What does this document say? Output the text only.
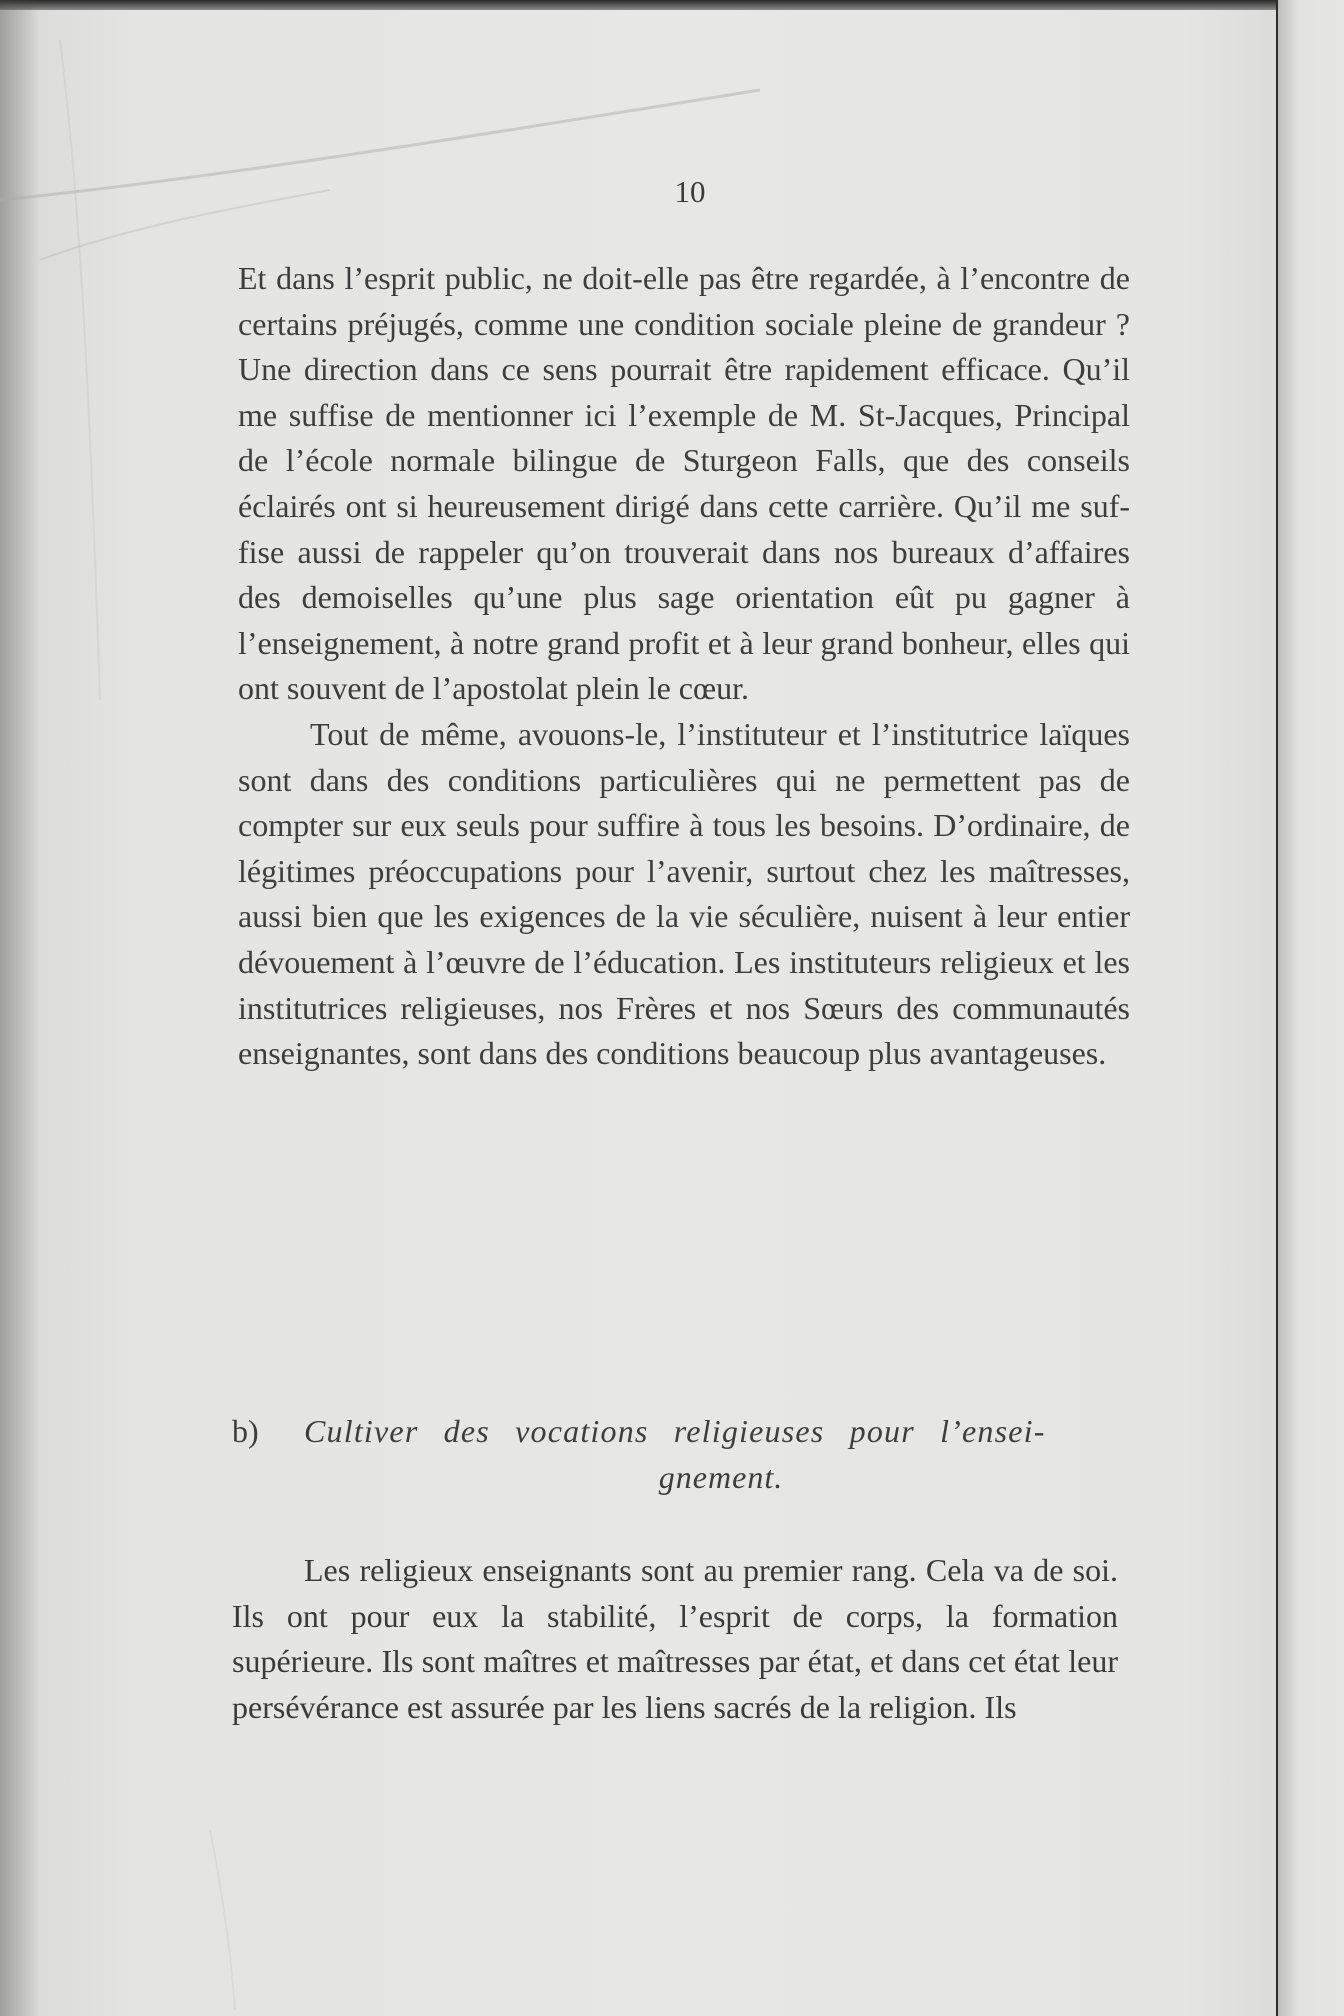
10

Et dans l’esprit public, ne doit-elle pas être regardée, à l’encontre de certains préjugés, comme une condition sociale pleine de grandeur ? Une direction dans ce sens pourrait être rapidement efficace. Qu’il me suffise de mentionner ici l’exemple de M. St-Jacques, Principal de l’école normale bilingue de Sturgeon Falls, que des conseils éclairés ont si heureusement dirigé dans cette carrière. Qu’il me suffise aussi de rappeler qu’on trouverait dans nos bureaux d’affaires des demoiselles qu’une plus sage orientation eût pu gagner à l’enseignement, à notre grand profit et à leur grand bonheur, elles qui ont souvent de l’apostolat plein le cœur.

Tout de même, avouons-le, l’instituteur et l’institutrice laïques sont dans des conditions particulières qui ne permettent pas de compter sur eux seuls pour suffire à tous les besoins. D’ordinaire, de légitimes préoccupations pour l’avenir, surtout chez les maîtresses, aussi bien que les exigences de la vie séculière, nuisent à leur entier dévouement à l’œuvre de l’éducation. Les instituteurs religieux et les institutrices religieuses, nos Frères et nos Sœurs des communautés enseignantes, sont dans des conditions beaucoup plus avantageuses.

b) Cultiver des vocations religieuses pour l’ensei-
gnement.

Les religieux enseignants sont au premier rang. Cela va de soi. Ils ont pour eux la stabilité, l’esprit de corps, la formation supérieure. Ils sont maîtres et maîtresses par état, et dans cet état leur persévérance est assurée par les liens sacrés de la religion. Ils
